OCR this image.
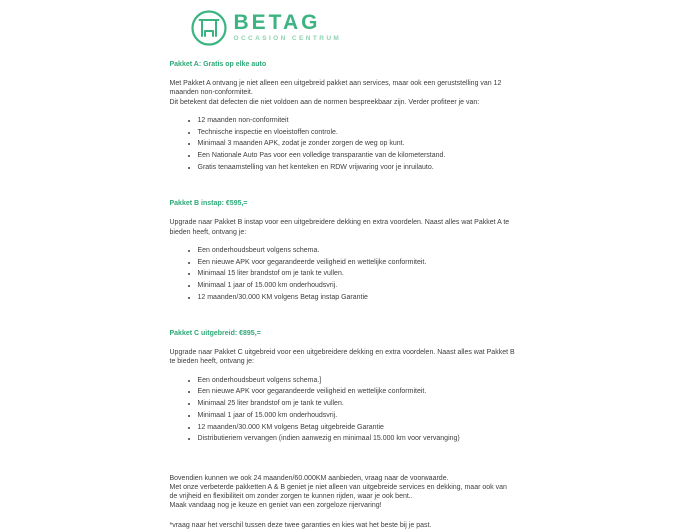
BETAG
OCCASION CENTRUM
Pakket A: Gratis op elke auto

Met Pakket A ontvang je niet alleen een uitgebreid pakket aan services, maar ook een geruststelling van 12 maanden non-conformiteit.

Dit betekent dat defecten die niet voldoen aan de normen bespreekbaar zijn. Verder profiteer je van:

• 12 maanden non-conformiteit
• Technische inspectie en vloeistoffen controle.
• Minimaal 3 maanden APK, zodat je zonder zorgen de weg op kunt.
• Een Nationale Auto Pas voor een volledige transparantie van de kilometerstand.
• Gratis tenaamstelling van het kenteken en RDW vrijwaring voor je inruilauto.
Pakket B instap: €595,=

Upgrade naar Pakket B instap voor een uitgebreidere dekking en extra voordelen. Naast alles wat Pakket A te bieden heeft, ontvang je:

• Een onderhoudsbeurt volgens schema.
• Een nieuwe APK voor gegarandeerde veiligheid en wettelijke conformiteit.
• Minimaal 15 liter brandstof om je tank te vullen.
• Minimaal 1 jaar of 15.000 km onderhoudsvrij.
• 12 maanden/30.000 KM volgens Betag instap Garantie
Pakket C uitgebreid: €895,=

Upgrade naar Pakket C uitgebreid voor een uitgebreidere dekking en extra voordelen. Naast alles wat Pakket B te bieden heeft, ontvang je:

• Een onderhoudsbeurt volgens schema.]
• Een nieuwe APK voor gegarandeerde veiligheid en wettelijke conformiteit.
• Minimaal 25 liter brandstof om je tank te vullen.
• Minimaal 1 jaar of 15.000 km onderhoudsvrij.
• 12 maanden/30.000 KM volgens Betag uitgebreide Garantie
• Distributieriem vervangen (indien aanwezig en minimaal 15.000 km voor vervanging)

Bovendien kunnen we ook 24 maanden/60.000KM aanbieden, vraag naar de voorwaarde.

Met onze verbeterde pakketten A & B geniet je niet alleen van uitgebreide services en dekking, maar ook van de vrijheid en flexibiliteit om zonder zorgen te kunnen rijden, waar je ook bent..

Maak vandaag nog je keuze en geniet van een zorgeloze rijervaring!

*vraag naar het verschil tussen deze twee garanties en kies wat het beste bij je past.
